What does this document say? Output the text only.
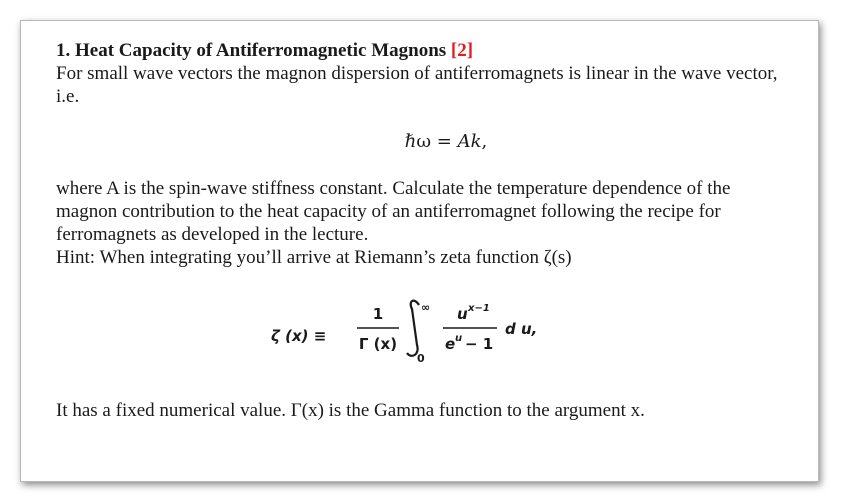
1. Heat Capacity of Antiferromagnetic Magnons [2]

For small wave vectors the magnon dispersion of antiferromagnets is linear in the wave vector, i.e.

ℏω = Ak,

where A is the spin-wave stiffness constant. Calculate the temperature dependence of the magnon contribution to the heat capacity of an antiferromagnet following the recipe for ferromagnets as developed in the lecture.

Hint: When integrating you’ll arrive at Riemann’s zeta function ζ(s)

ζ (x) ≡
1
Γ (x)
∞
0
u x−1
e u − 1
d u,

It has a fixed numerical value. Γ(x) is the Gamma function to the argument x.
